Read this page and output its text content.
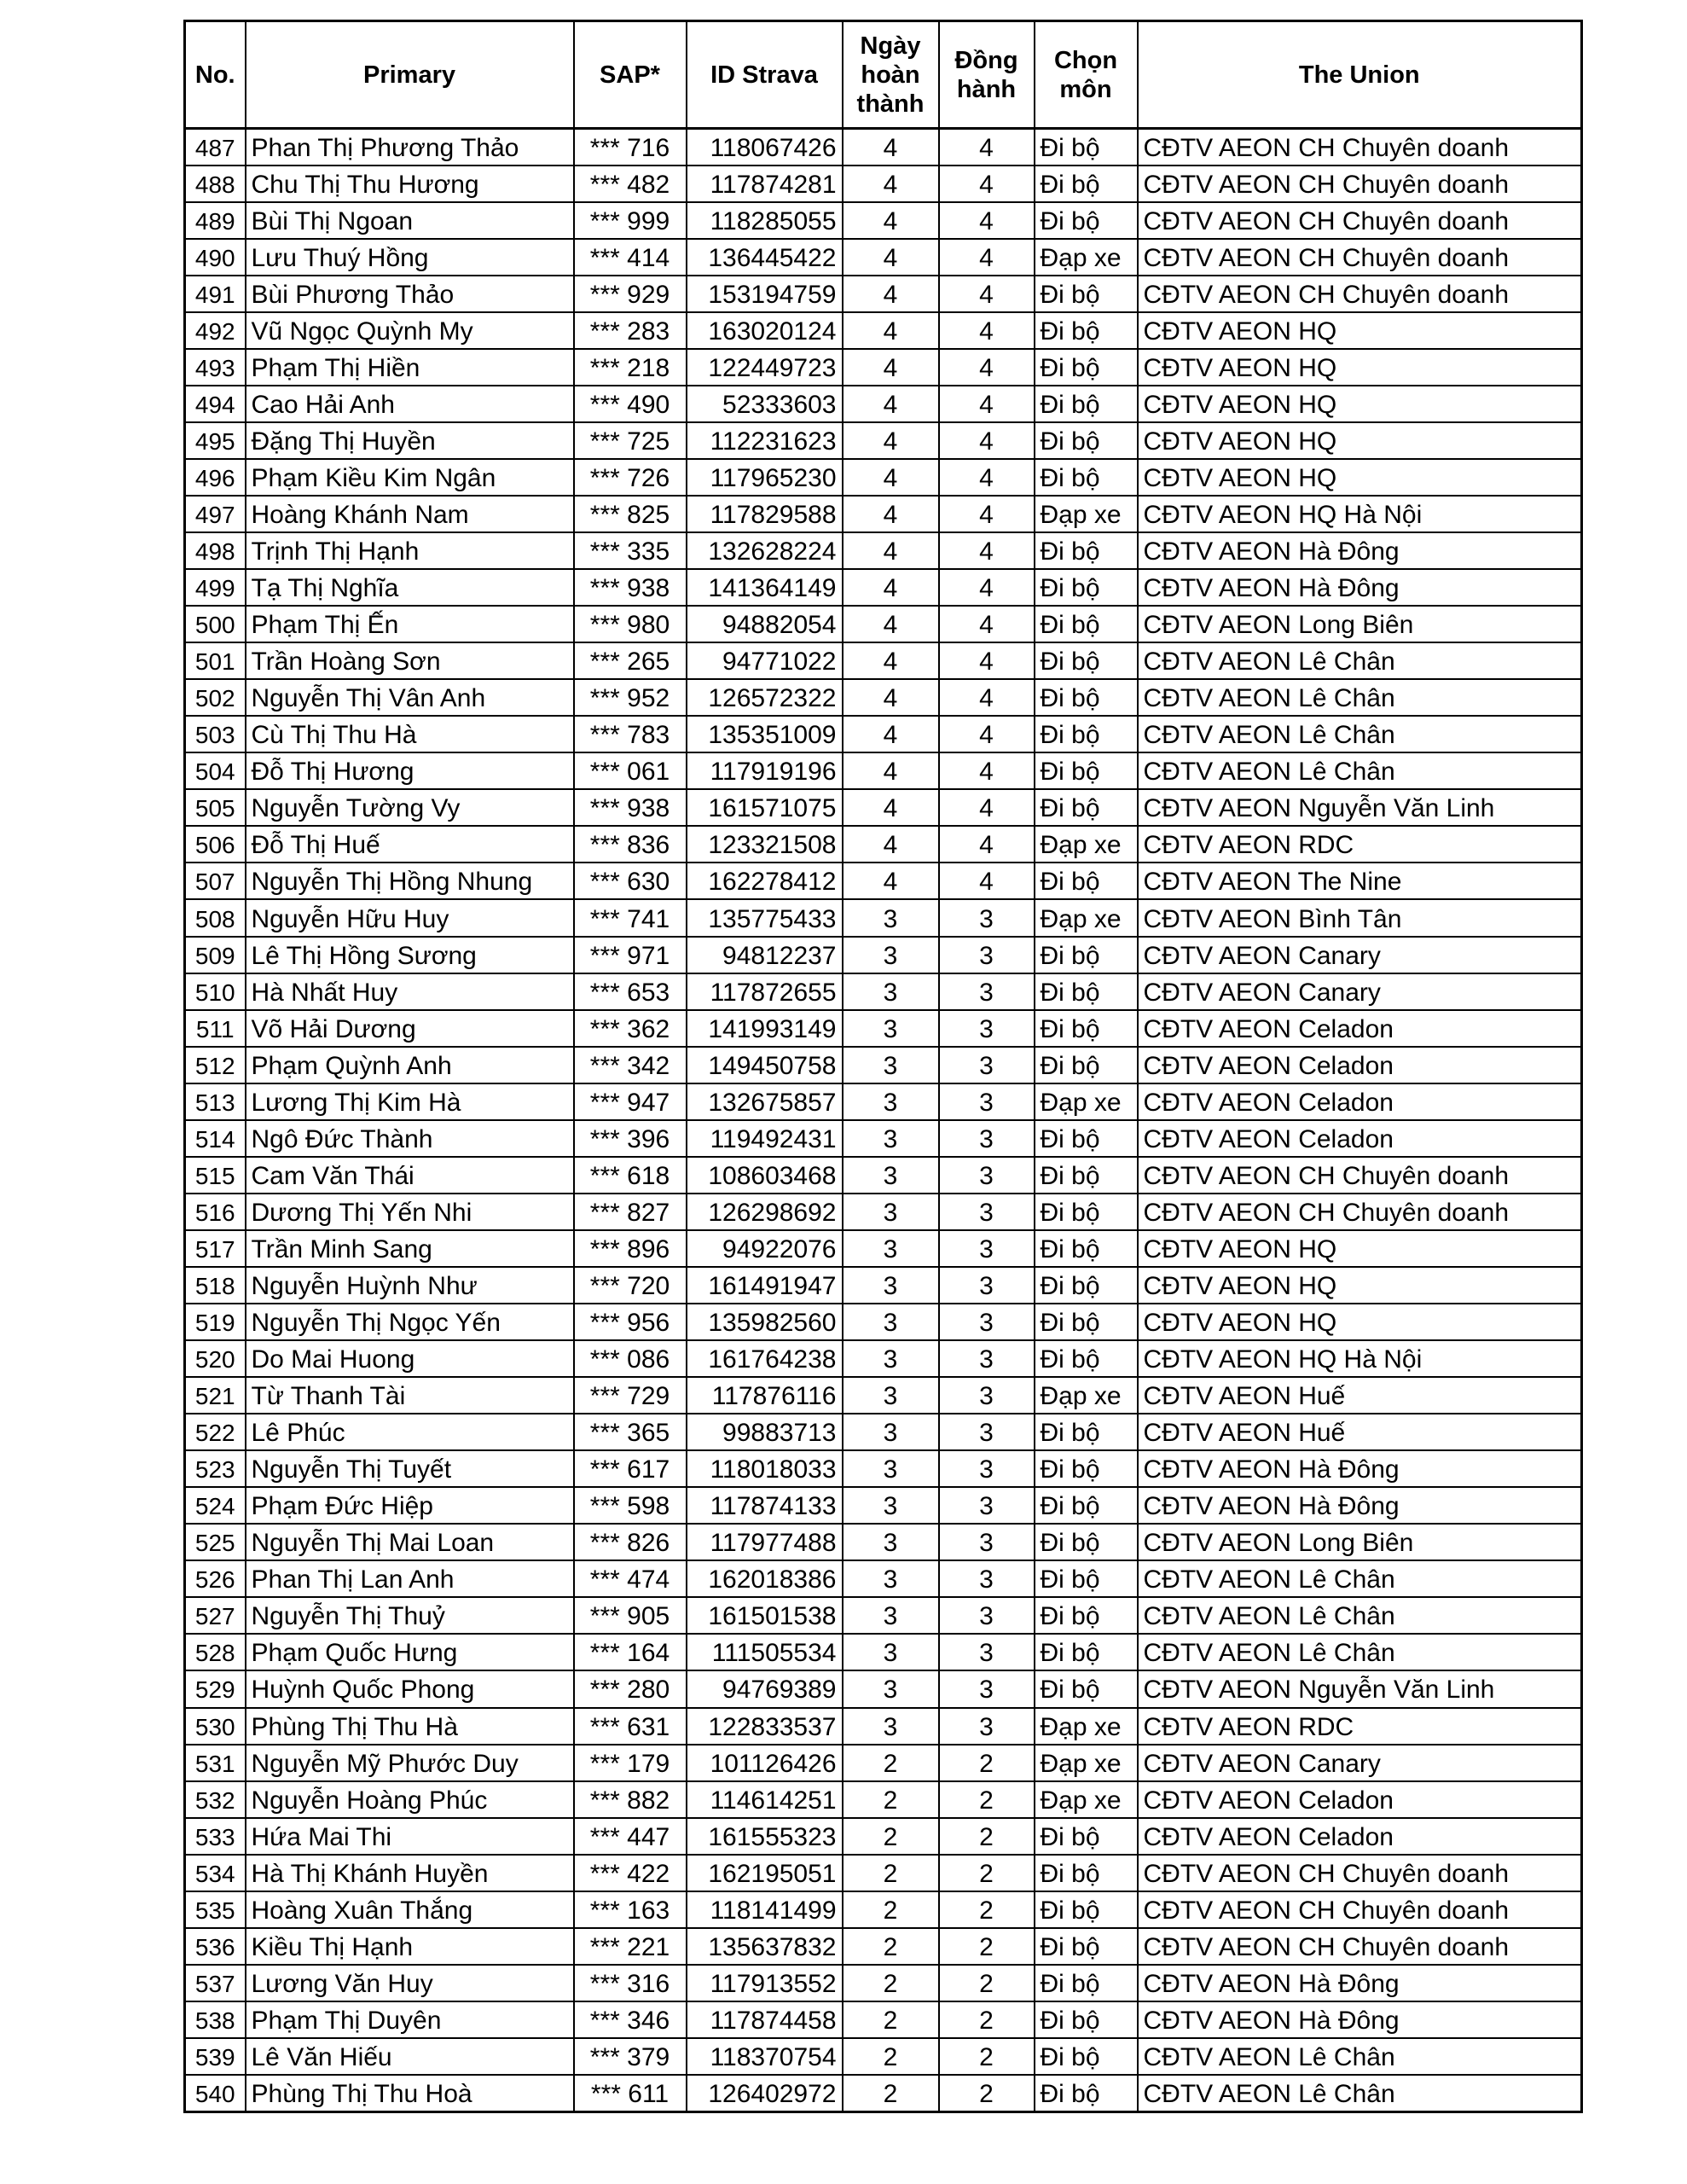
No.	Primary	SAP*	ID Strava	Ngày
hoàn
thành	Đồng
hành	Chọn
môn	The Union
487	Phan Thị Phương Thảo	*** 716	118067426	4	4	Đi bộ	CĐTV AEON CH Chuyên doanh
488	Chu Thị Thu Hương	*** 482	117874281	4	4	Đi bộ	CĐTV AEON CH Chuyên doanh
489	Bùi Thị Ngoan	*** 999	118285055	4	4	Đi bộ	CĐTV AEON CH Chuyên doanh
490	Lưu Thuý Hồng	*** 414	136445422	4	4	Đạp xe	CĐTV AEON CH Chuyên doanh
491	Bùi Phương Thảo	*** 929	153194759	4	4	Đi bộ	CĐTV AEON CH Chuyên doanh
492	Vũ Ngọc Quỳnh My	*** 283	163020124	4	4	Đi bộ	CĐTV AEON HQ
493	Phạm Thị Hiền	*** 218	122449723	4	4	Đi bộ	CĐTV AEON HQ
494	Cao Hải Anh	*** 490	52333603	4	4	Đi bộ	CĐTV AEON HQ
495	Đặng Thị Huyền	*** 725	112231623	4	4	Đi bộ	CĐTV AEON HQ
496	Phạm Kiều Kim Ngân	*** 726	117965230	4	4	Đi bộ	CĐTV AEON HQ
497	Hoàng Khánh Nam	*** 825	117829588	4	4	Đạp xe	CĐTV AEON HQ Hà Nội
498	Trịnh Thị Hạnh	*** 335	132628224	4	4	Đi bộ	CĐTV AEON Hà Đông
499	Tạ Thị Nghĩa	*** 938	141364149	4	4	Đi bộ	CĐTV AEON Hà Đông
500	Phạm Thị Ến	*** 980	94882054	4	4	Đi bộ	CĐTV AEON Long Biên
501	Trần Hoàng Sơn	*** 265	94771022	4	4	Đi bộ	CĐTV AEON Lê Chân
502	Nguyễn Thị Vân Anh	*** 952	126572322	4	4	Đi bộ	CĐTV AEON Lê Chân
503	Cù Thị Thu Hà	*** 783	135351009	4	4	Đi bộ	CĐTV AEON Lê Chân
504	Đỗ Thị Hương	*** 061	117919196	4	4	Đi bộ	CĐTV AEON Lê Chân
505	Nguyễn Tường Vy	*** 938	161571075	4	4	Đi bộ	CĐTV AEON Nguyễn Văn Linh
506	Đỗ Thị Huế	*** 836	123321508	4	4	Đạp xe	CĐTV AEON RDC
507	Nguyễn Thị Hồng Nhung	*** 630	162278412	4	4	Đi bộ	CĐTV AEON The Nine
508	Nguyễn Hữu Huy	*** 741	135775433	3	3	Đạp xe	CĐTV AEON Bình Tân
509	Lê Thị Hồng Sương	*** 971	94812237	3	3	Đi bộ	CĐTV AEON Canary
510	Hà Nhất Huy	*** 653	117872655	3	3	Đi bộ	CĐTV AEON Canary
511	Võ Hải Dương	*** 362	141993149	3	3	Đi bộ	CĐTV AEON Celadon
512	Phạm Quỳnh Anh	*** 342	149450758	3	3	Đi bộ	CĐTV AEON Celadon
513	Lương Thị Kim Hà	*** 947	132675857	3	3	Đạp xe	CĐTV AEON Celadon
514	Ngô Đức Thành	*** 396	119492431	3	3	Đi bộ	CĐTV AEON Celadon
515	Cam Văn Thái	*** 618	108603468	3	3	Đi bộ	CĐTV AEON CH Chuyên doanh
516	Dương Thị Yến Nhi	*** 827	126298692	3	3	Đi bộ	CĐTV AEON CH Chuyên doanh
517	Trần Minh Sang	*** 896	94922076	3	3	Đi bộ	CĐTV AEON HQ
518	Nguyễn Huỳnh Như	*** 720	161491947	3	3	Đi bộ	CĐTV AEON HQ
519	Nguyễn Thị Ngọc Yến	*** 956	135982560	3	3	Đi bộ	CĐTV AEON HQ
520	Do Mai Huong	*** 086	161764238	3	3	Đi bộ	CĐTV AEON HQ Hà Nội
521	Từ Thanh Tài	*** 729	117876116	3	3	Đạp xe	CĐTV AEON Huế
522	Lê Phúc	*** 365	99883713	3	3	Đi bộ	CĐTV AEON Huế
523	Nguyễn Thị Tuyết	*** 617	118018033	3	3	Đi bộ	CĐTV AEON Hà Đông
524	Phạm Đức Hiệp	*** 598	117874133	3	3	Đi bộ	CĐTV AEON Hà Đông
525	Nguyễn Thị Mai Loan	*** 826	117977488	3	3	Đi bộ	CĐTV AEON Long Biên
526	Phan Thị Lan Anh	*** 474	162018386	3	3	Đi bộ	CĐTV AEON Lê Chân
527	Nguyễn Thị Thuỷ	*** 905	161501538	3	3	Đi bộ	CĐTV AEON Lê Chân
528	Phạm Quốc Hưng	*** 164	111505534	3	3	Đi bộ	CĐTV AEON Lê Chân
529	Huỳnh Quốc Phong	*** 280	94769389	3	3	Đi bộ	CĐTV AEON Nguyễn Văn Linh
530	Phùng Thị Thu Hà	*** 631	122833537	3	3	Đạp xe	CĐTV AEON RDC
531	Nguyễn Mỹ Phước Duy	*** 179	101126426	2	2	Đạp xe	CĐTV AEON Canary
532	Nguyễn Hoàng Phúc	*** 882	114614251	2	2	Đạp xe	CĐTV AEON Celadon
533	Hứa Mai Thi	*** 447	161555323	2	2	Đi bộ	CĐTV AEON Celadon
534	Hà Thị Khánh Huyền	*** 422	162195051	2	2	Đi bộ	CĐTV AEON CH Chuyên doanh
535	Hoàng Xuân Thắng	*** 163	118141499	2	2	Đi bộ	CĐTV AEON CH Chuyên doanh
536	Kiều Thị Hạnh	*** 221	135637832	2	2	Đi bộ	CĐTV AEON CH Chuyên doanh
537	Lương Văn Huy	*** 316	117913552	2	2	Đi bộ	CĐTV AEON Hà Đông
538	Phạm Thị Duyên	*** 346	117874458	2	2	Đi bộ	CĐTV AEON Hà Đông
539	Lê Văn Hiếu	*** 379	118370754	2	2	Đi bộ	CĐTV AEON Lê Chân
540	Phùng Thị Thu Hoà	*** 611	126402972	2	2	Đi bộ	CĐTV AEON Lê Chân
